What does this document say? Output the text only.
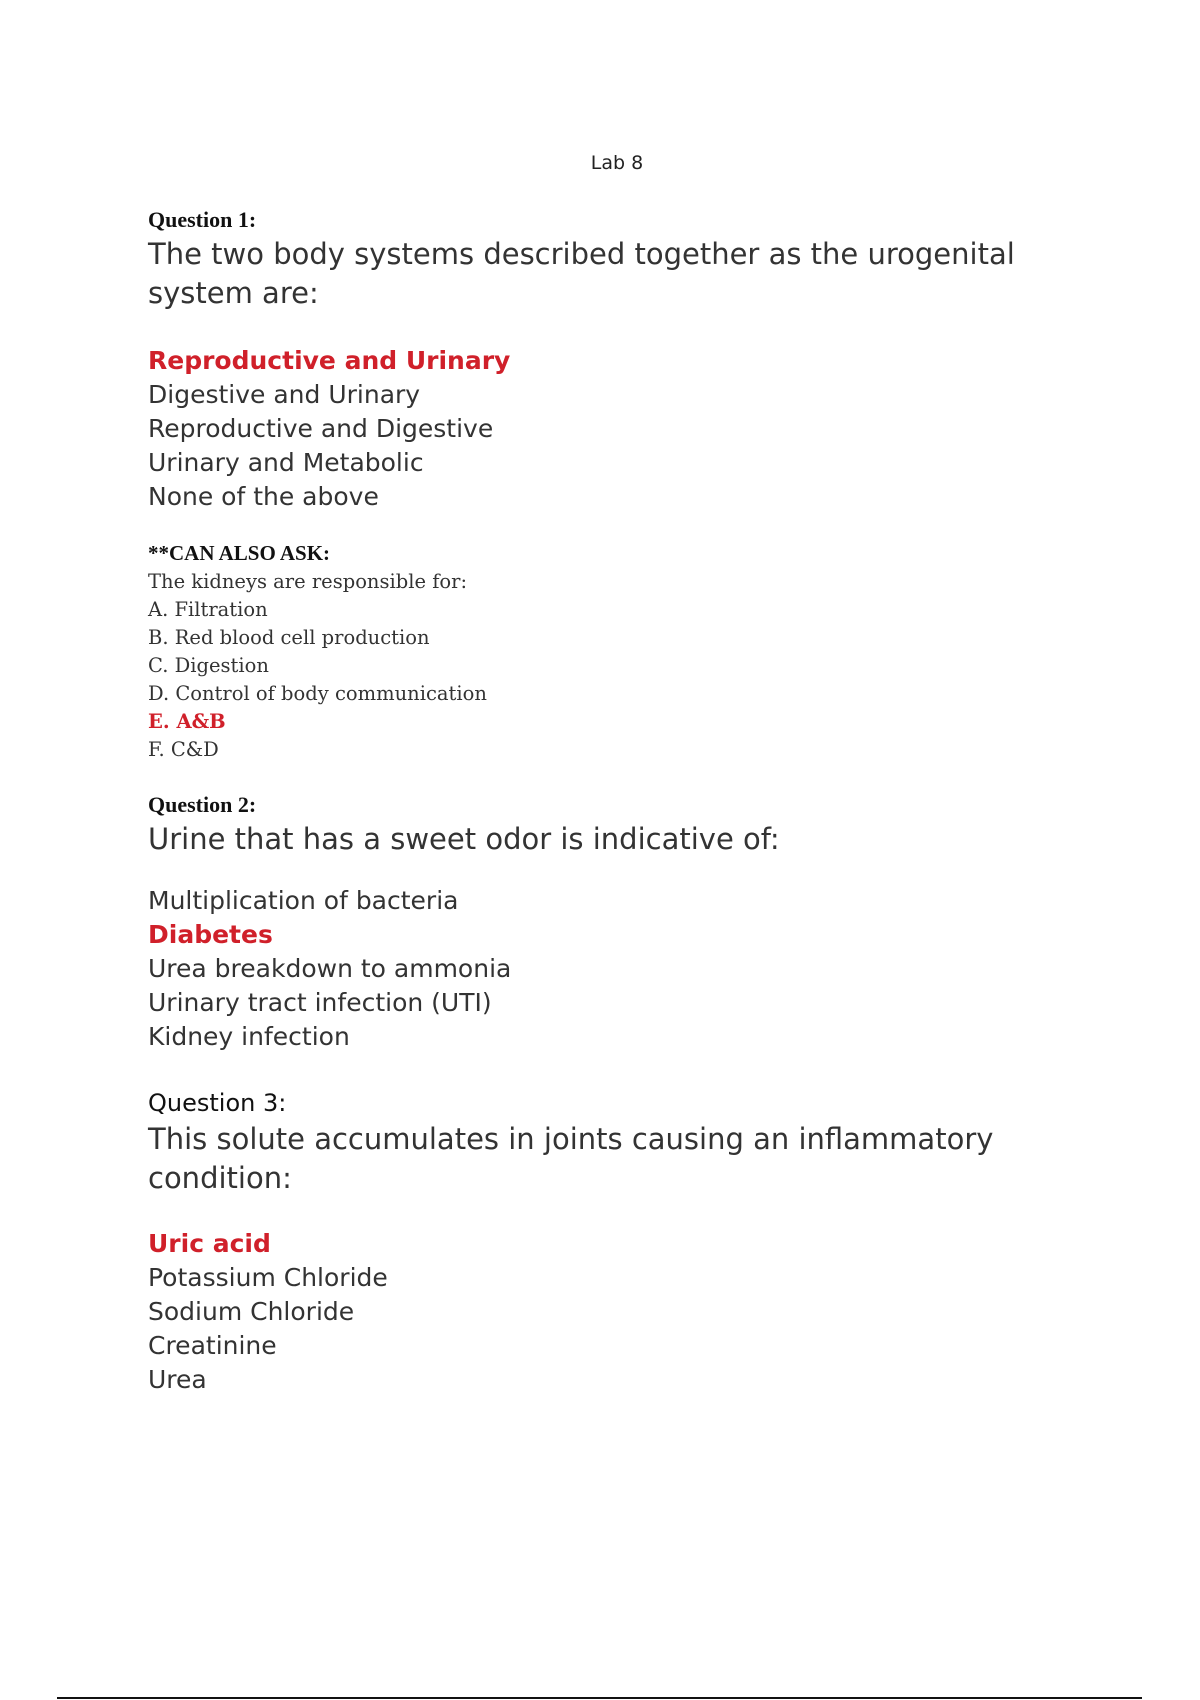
Lab 8

Question 1:

The two body systems described together as the urogenital

system are:

Reproductive and Urinary

Digestive and Urinary

Reproductive and Digestive

Urinary and Metabolic

None of the above

**CAN ALSO ASK:

The kidneys are responsible for:

A. Filtration

B. Red blood cell production

C. Digestion

D. Control of body communication

E. A&B

F. C&D

Question 2:

Urine that has a sweet odor is indicative of:

Multiplication of bacteria

Diabetes

Urea breakdown to ammonia

Urinary tract infection (UTI)

Kidney infection

Question 3:

This solute accumulates in joints causing an inflammatory

condition:

Uric acid

Potassium Chloride

Sodium Chloride

Creatinine

Urea
